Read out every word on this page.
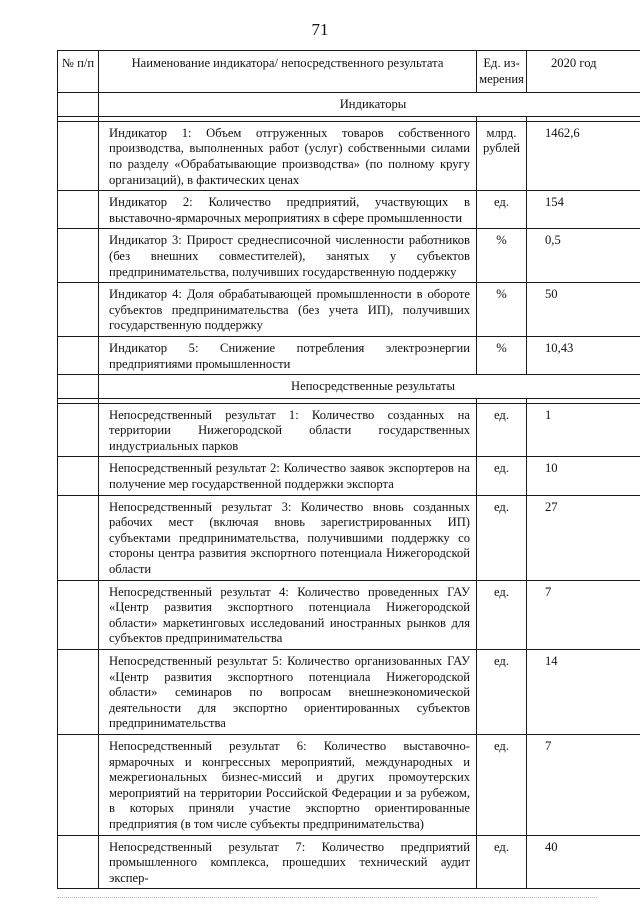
71
№ п/п	Наименование индикатора/ непосредственного результата	Ед. из-мерения	2020 год
	Индикаторы		

	Индикатор 1: Объем отгруженных товаров собственного производства, выполненных работ (услуг) собственными силами по разделу «Обрабатывающие производства» (по полному кругу организаций), в фактических ценах	млрд. рублей	1462,6
	Индикатор 2: Количество предприятий, участвующих в выставочно-ярмарочных мероприятиях в сфере промышленности	ед.	154
	Индикатор 3: Прирост среднесписочной численности работников (без внешних совместителей), занятых у субъектов предпринимательства, получивших государственную поддержку	%	0,5
	Индикатор 4: Доля обрабатывающей промышленности в обороте субъектов предпринимательства (без учета ИП), получивших государственную поддержку	%	50
	Индикатор 5: Снижение потребления электроэнергии предприятиями промышленности	%	10,43
	Непосредственные результаты		

	Непосредственный результат 1: Количество созданных на территории Нижегородской области государственных индустриальных парков	ед.	1
	Непосредственный результат 2: Количество заявок экспортеров на получение мер государственной поддержки экспорта	ед.	10
	Непосредственный результат 3: Количество вновь созданных рабочих мест (включая вновь зарегистрированных ИП) субъектами предпринимательства, получившими поддержку со стороны центра развития экспортного потенциала Нижегородской области	ед.	27
	Непосредственный результат 4: Количество проведенных ГАУ «Центр развития экспортного потенциала Нижегородской области» маркетинговых исследований иностранных рынков для субъектов предпринимательства	ед.	7
	Непосредственный результат 5: Количество организованных ГАУ «Центр развития экспортного потенциала Нижегородской области» семинаров по вопросам внешнеэкономической деятельности для экспортно ориентированных субъектов предпринимательства	ед.	14
	Непосредственный результат 6: Количество выставочно-ярмарочных и конгрессных мероприятий, международных и межрегиональных бизнес-миссий и других промоутерских мероприятий на территории Российской Федерации и за рубежом, в которых приняли участие экспортно ориентированные предприятия (в том числе субъекты предпринимательства)	ед.	7
	Непосредственный результат 7: Количество предприятий промышленного комплекса, прошедших технический аудит экспер-	ед.	40
